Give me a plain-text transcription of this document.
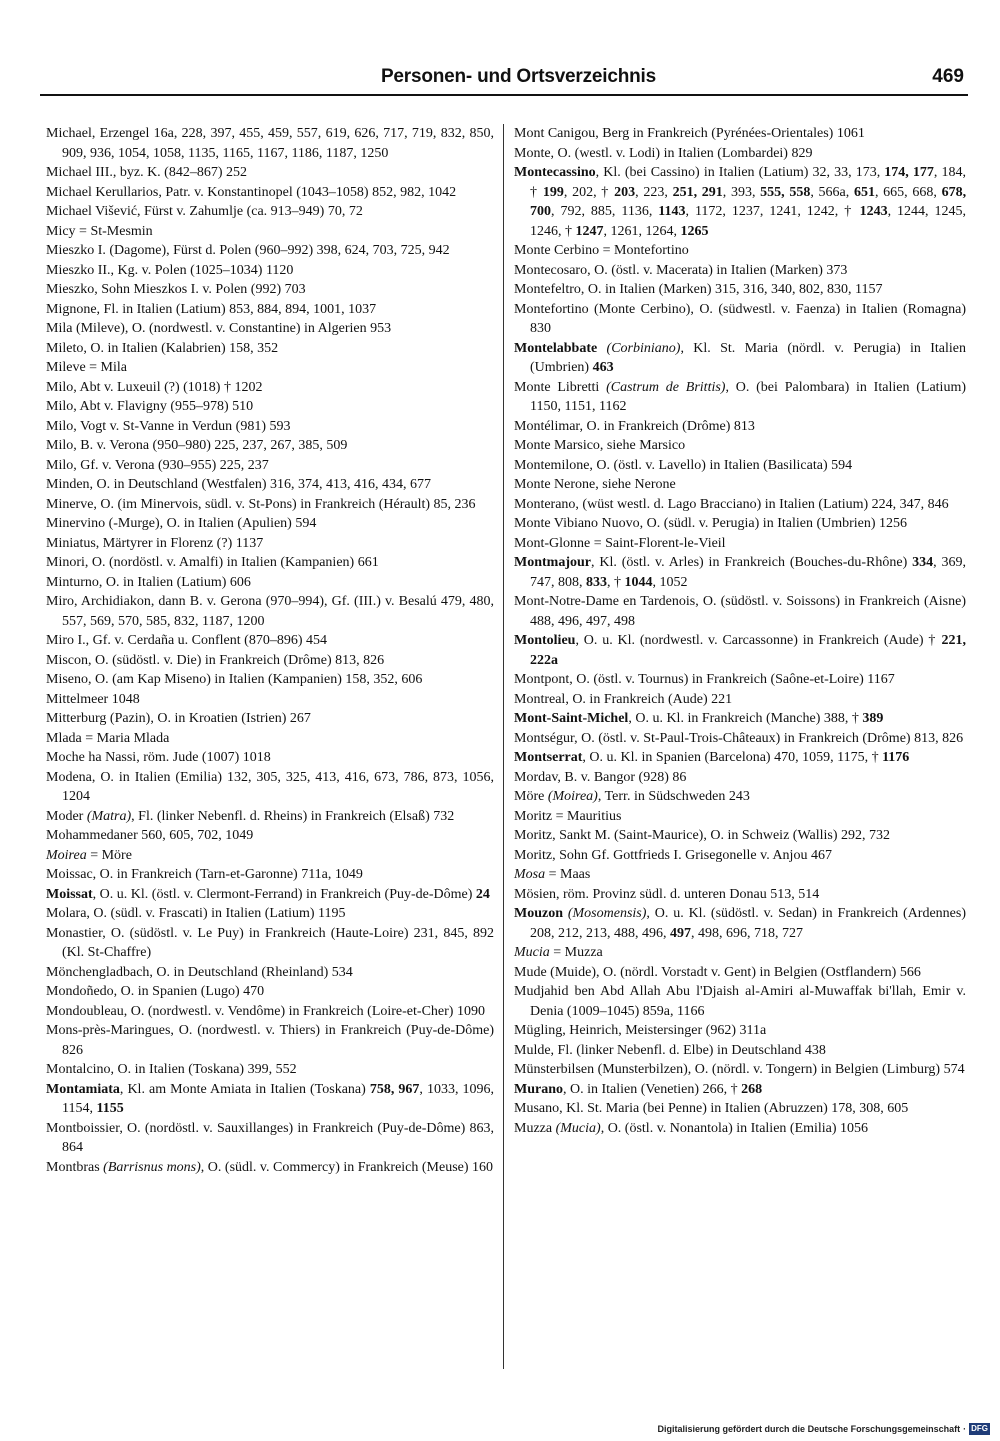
Personen- und Ortsverzeichnis	469

Michael, Erzengel 16a, 228, 397, 455, 459, 557, 619, 626, 717, 719, 832, 850, 909, 936, 1054, 1058, 1135, 1165, 1167, 1186, 1187, 1250

Michael III., byz. K. (842–867) 252

Michael Kerullarios, Patr. v. Konstantinopel (1043–1058) 852, 982, 1042

Michael Višević, Fürst v. Zahumlje (ca. 913–949) 70, 72

Micy = St-Mesmin

Mieszko I. (Dagome), Fürst d. Polen (960–992) 398, 624, 703, 725, 942

Mieszko II., Kg. v. Polen (1025–1034) 1120

Mieszko, Sohn Mieszkos I. v. Polen (992) 703

Mignone, Fl. in Italien (Latium) 853, 884, 894, 1001, 1037

Mila (Mileve), O. (nordwestl. v. Constantine) in Algerien 953

Mileto, O. in Italien (Kalabrien) 158, 352

Mileve = Mila

Milo, Abt v. Luxeuil (?) (1018) † 1202

Milo, Abt v. Flavigny (955–978) 510

Milo, Vogt v. St-Vanne in Verdun (981) 593

Milo, B. v. Verona (950–980) 225, 237, 267, 385, 509

Milo, Gf. v. Verona (930–955) 225, 237

Minden, O. in Deutschland (Westfalen) 316, 374, 413, 416, 434, 677

Minerve, O. (im Minervois, südl. v. St-Pons) in Frankreich (Hérault) 85, 236

Minervino (-Murge), O. in Italien (Apulien) 594

Miniatus, Märtyrer in Florenz (?) 1137

Minori, O. (nordöstl. v. Amalfi) in Italien (Kampanien) 661

Minturno, O. in Italien (Latium) 606

Miro, Archidiakon, dann B. v. Gerona (970–994), Gf. (III.) v. Besalú 479, 480, 557, 569, 570, 585, 832, 1187, 1200

Miro I., Gf. v. Cerdaña u. Conflent (870–896) 454

Miscon, O. (südöstl. v. Die) in Frankreich (Drôme) 813, 826

Miseno, O. (am Kap Miseno) in Italien (Kampanien) 158, 352, 606

Mittelmeer 1048

Mitterburg (Pazin), O. in Kroatien (Istrien) 267

Mlada = Maria Mlada

Moche ha Nassi, röm. Jude (1007) 1018

Modena, O. in Italien (Emilia) 132, 305, 325, 413, 416, 673, 786, 873, 1056, 1204

Moder (Matra), Fl. (linker Nebenfl. d. Rheins) in Frankreich (Elsaß) 732

Mohammedaner 560, 605, 702, 1049

Moirea = Möre

Moissac, O. in Frankreich (Tarn-et-Garonne) 711a, 1049

Moissat, O. u. Kl. (östl. v. Clermont-Ferrand) in Frankreich (Puy-de-Dôme) 24

Molara, O. (südl. v. Frascati) in Italien (Latium) 1195

Monastier, O. (südöstl. v. Le Puy) in Frankreich (Haute-Loire) 231, 845, 892 (Kl. St-Chaffre)

Mönchengladbach, O. in Deutschland (Rheinland) 534

Mondoñedo, O. in Spanien (Lugo) 470

Mondoubleau, O. (nordwestl. v. Vendôme) in Frankreich (Loire-et-Cher) 1090

Mons-près-Maringues, O. (nordwestl. v. Thiers) in Frankreich (Puy-de-Dôme) 826

Montalcino, O. in Italien (Toskana) 399, 552

Montamiata, Kl. am Monte Amiata in Italien (Toskana) 758, 967, 1033, 1096, 1154, 1155

Montboissier, O. (nordöstl. v. Sauxillanges) in Frankreich (Puy-de-Dôme) 863, 864

Montbras (Barrisnus mons), O. (südl. v. Commercy) in Frankreich (Meuse) 160

Mont Canigou, Berg in Frankreich (Pyrénées-Orientales) 1061

Monte, O. (westl. v. Lodi) in Italien (Lombardei) 829

Montecassino, Kl. (bei Cassino) in Italien (Latium) 32, 33, 173, 174, 177, 184, † 199, 202, † 203, 223, 251, 291, 393, 555, 558, 566a, 651, 665, 668, 678, 700, 792, 885, 1136, 1143, 1172, 1237, 1241, 1242, † 1243, 1244, 1245, 1246, † 1247, 1261, 1264, 1265

Monte Cerbino = Montefortino

Montecosaro, O. (östl. v. Macerata) in Italien (Marken) 373

Montefeltro, O. in Italien (Marken) 315, 316, 340, 802, 830, 1157

Montefortino (Monte Cerbino), O. (südwestl. v. Faenza) in Italien (Romagna) 830

Montelabbate (Corbiniano), Kl. St. Maria (nördl. v. Perugia) in Italien (Umbrien) 463

Monte Libretti (Castrum de Brittis), O. (bei Palombara) in Italien (Latium) 1150, 1151, 1162

Montélimar, O. in Frankreich (Drôme) 813

Monte Marsico, siehe Marsico

Montemilone, O. (östl. v. Lavello) in Italien (Basilicata) 594

Monte Nerone, siehe Nerone

Monterano, (wüst westl. d. Lago Bracciano) in Italien (Latium) 224, 347, 846

Monte Vibiano Nuovo, O. (südl. v. Perugia) in Italien (Umbrien) 1256

Mont-Glonne = Saint-Florent-le-Vieil

Montmajour, Kl. (östl. v. Arles) in Frankreich (Bouches-du-Rhône) 334, 369, 747, 808, 833, † 1044, 1052

Mont-Notre-Dame en Tardenois, O. (südöstl. v. Soissons) in Frankreich (Aisne) 488, 496, 497, 498

Montolieu, O. u. Kl. (nordwestl. v. Carcassonne) in Frankreich (Aude) † 221, 222a

Montpont, O. (östl. v. Tournus) in Frankreich (Saône-et-Loire) 1167

Montreal, O. in Frankreich (Aude) 221

Mont-Saint-Michel, O. u. Kl. in Frankreich (Manche) 388, † 389

Montségur, O. (östl. v. St-Paul-Trois-Châteaux) in Frankreich (Drôme) 813, 826

Montserrat, O. u. Kl. in Spanien (Barcelona) 470, 1059, 1175, † 1176

Mordav, B. v. Bangor (928) 86

Möre (Moirea), Terr. in Südschweden 243

Moritz = Mauritius

Moritz, Sankt M. (Saint-Maurice), O. in Schweiz (Wallis) 292, 732

Moritz, Sohn Gf. Gottfrieds I. Grisegonelle v. Anjou 467

Mosa = Maas

Mösien, röm. Provinz südl. d. unteren Donau 513, 514

Mouzon (Mosomensis), O. u. Kl. (südöstl. v. Sedan) in Frankreich (Ardennes) 208, 212, 213, 488, 496, 497, 498, 696, 718, 727

Mucia = Muzza

Mude (Muide), O. (nördl. Vorstadt v. Gent) in Belgien (Ostflandern) 566

Mudjahid ben Abd Allah Abu l'Djaish al-Amiri al-Muwaffak bi'llah, Emir v. Denia (1009–1045) 859a, 1166

Mügling, Heinrich, Meistersinger (962) 311a

Mulde, Fl. (linker Nebenfl. d. Elbe) in Deutschland 438

Münsterbilsen (Munsterbilzen), O. (nördl. v. Tongern) in Belgien (Limburg) 574

Murano, O. in Italien (Venetien) 266, † 268

Musano, Kl. St. Maria (bei Penne) in Italien (Abruzzen) 178, 308, 605

Muzza (Mucia), O. (östl. v. Nonantola) in Italien (Emilia) 1056

Digitalisierung gefördert durch die Deutsche Forschungsgemeinschaft · DFG
